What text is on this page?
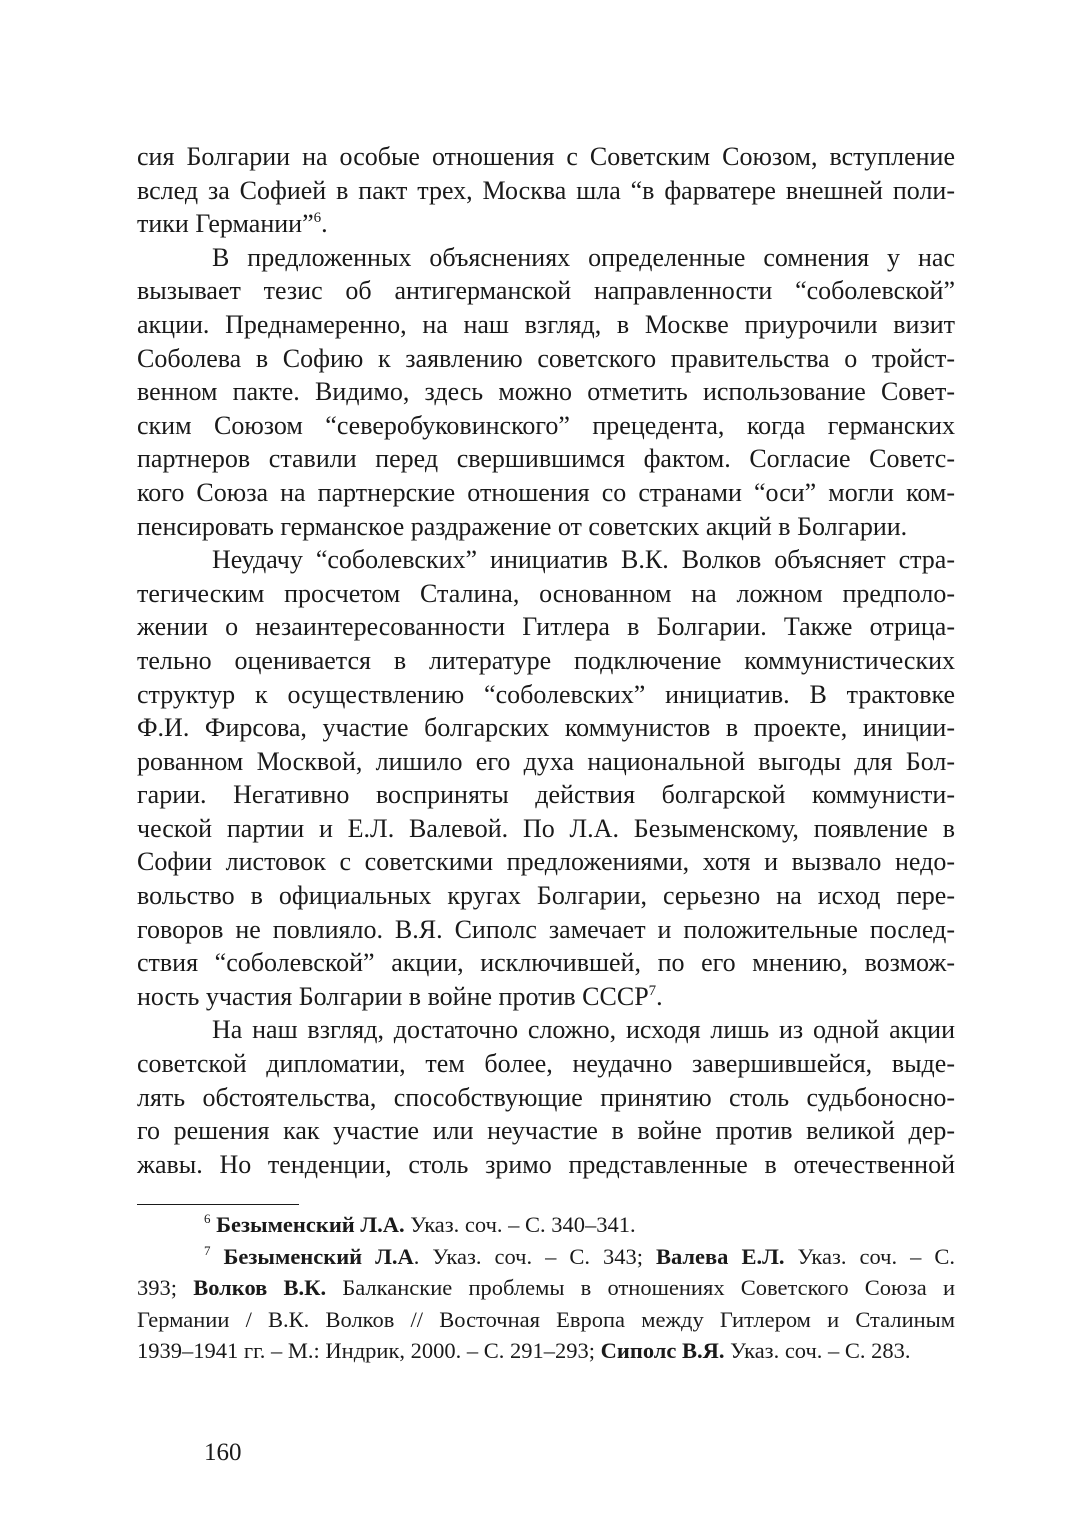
сия Болгарии на особые отношения с Советским Союзом, вступление
вслед за Софией в пакт трех, Москва шла “в фарватере внешней поли-
тики Германии”$^6$.
В предложенных объяснениях определенные сомнения у нас
вызывает тезис об антигерманской направленности “соболевской”
акции. Преднамеренно, на наш взгляд, в Москве приурочили визит
Соболева в Софию к заявлению советского правительства о тройст-
венном пакте. Видимо, здесь можно отметить использование Совет-
ским Союзом “северобуковинского” прецедента, когда германских
партнеров ставили перед свершившимся фактом. Согласие Советс-
кого Союза на партнерские отношения со странами “оси” могли ком-
пенсировать германское раздражение от советских акций в Болгарии.
Неудачу “соболевских” инициатив В.К. Волков объясняет стра-
тегическим просчетом Сталина, основанном на ложном предполо-
жении о незаинтересованности Гитлера в Болгарии. Также отрица-
тельно оценивается в литературе подключение коммунистических
структур к осуществлению “соболевских” инициатив. В трактовке
Ф.И. Фирсова, участие болгарских коммунистов в проекте, иниции-
рованном Москвой, лишило его духа национальной выгоды для Бол-
гарии. Негативно восприняты действия болгарской коммунисти-
ческой партии и Е.Л. Валевой. По Л.А. Безыменскому, появление в
Софии листовок с советскими предложениями, хотя и вызвало недо-
вольство в официальных кругах Болгарии, серьезно на исход пере-
говоров не повлияло. В.Я. Сиполс замечает и положительные послед-
ствия “соболевской” акции, исключившей, по его мнению, возмож-
ность участия Болгарии в войне против СССР$^7$.
На наш взгляд, достаточно сложно, исходя лишь из одной акции
советской дипломатии, тем более, неудачно завершившейся, выде-
лять обстоятельства, способствующие принятию столь судьбоносно-
го решения как участие или неучастие в войне против великой дер-
жавы. Но тенденции, столь зримо представленные в отечественной
$^6$ Безыменский Л.А. Указ. соч. – С. 340–341.
$^7$ Безыменский Л.А. Указ. соч. – С. 343; Валева Е.Л. Указ. соч. – С.
393; Волков В.К. Балканские проблемы в отношениях Советского Союза и
Германии / В.К. Волков // Восточная Европа между Гитлером и Сталиным
1939–1941 гг. – М.: Индрик, 2000. – С. 291–293; Сиполс В.Я. Указ. соч. – С. 283.
160
